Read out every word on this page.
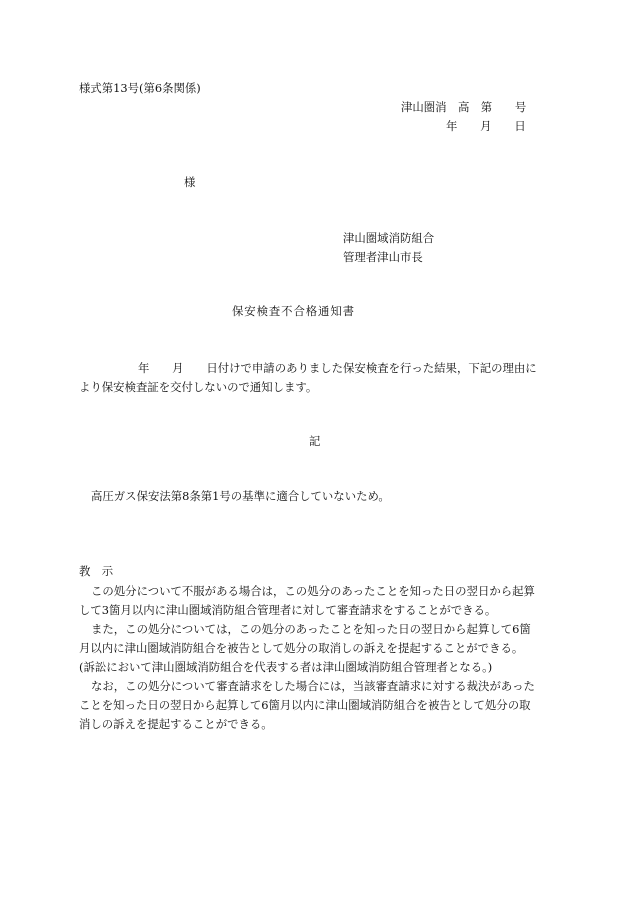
様式第13号(第6条関係)
津山圏消　高　第　　号
年　　月　　日
様
津山圏域消防組合
管理者津山市長
保安検査不合格通知書
年　　月　　日付けで申請のありました保安検査を行った結果，下記の理由に
より保安検査証を交付しないので通知します。
記
高圧ガス保安法第8条第1号の基準に適合していないため。
教　示
この処分について不服がある場合は，この処分のあったことを知った日の翌日から起算
して3箇月以内に津山圏域消防組合管理者に対して審査請求をすることができる。
また，この処分については，この処分のあったことを知った日の翌日から起算して6箇
月以内に津山圏域消防組合を被告として処分の取消しの訴えを提起することができる。
(訴訟において津山圏域消防組合を代表する者は津山圏域消防組合管理者となる。)
なお，この処分について審査請求をした場合には，当該審査請求に対する裁決があった
ことを知った日の翌日から起算して6箇月以内に津山圏域消防組合を被告として処分の取
消しの訴えを提起することができる。
